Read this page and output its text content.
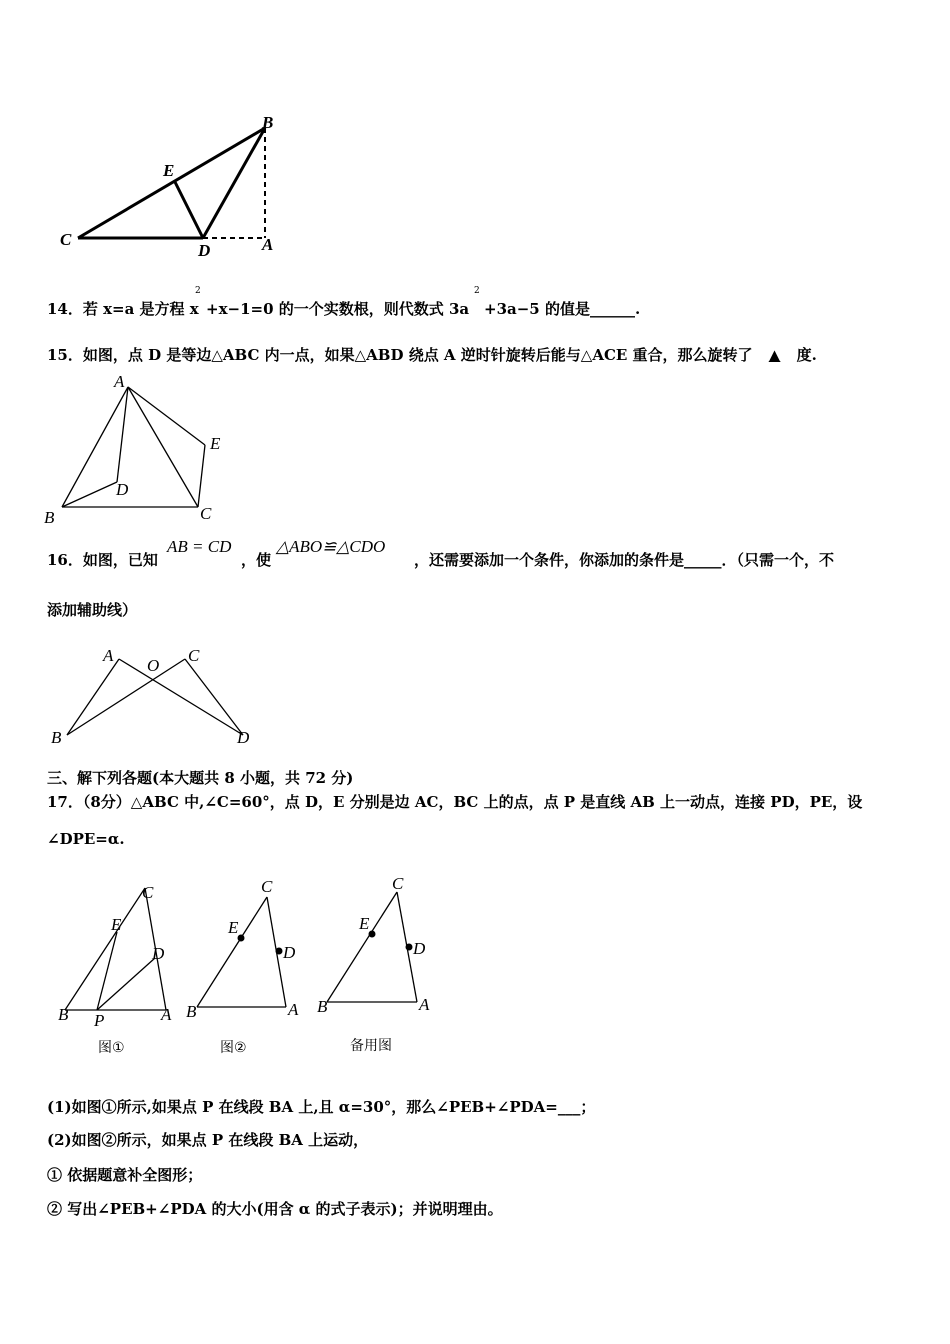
B
E
C
D	A
14．若 x=a 是方程 x
2
+x−1=0 的一个实数根，则代数式 3a
2
+3a−5 的值是______.
15．如图，点 D 是等边△ABC 内一点，如果△ABD 绕点 A 逆时针旋转后能与△ACE 重合，那么旋转了 ▲ 度.
A
E
D
B	C
16．如图，已知
AB = CD
，使
△ABO≌△CDO
，还需要添加一个条件，你添加的条件是_____．（只需一个，不
添加辅助线）
A
O
C
B	D
三、解下列各题(本大题共 8 小题，共 72 分)
17．（8分）△ABC 中,∠C=60°，点 D，E 分别是边 AC，BC 上的点，点 P 是直线 AB 上一动点，连接 PD，PE，设
∠DPE=α.
C
E
D
B P	A
图①
C
E
D
B	A
图②
C
E
D
B	A
备用图
(1)如图①所示,如果点 P 在线段 BA 上,且 α=30°，那么∠PEB+∠PDA=___；
(2)如图②所示，如果点 P 在线段 BA 上运动，
① 依据题意补全图形；
② 写出∠PEB+∠PDA 的大小(用含 α 的式子表示)；并说明理由。
